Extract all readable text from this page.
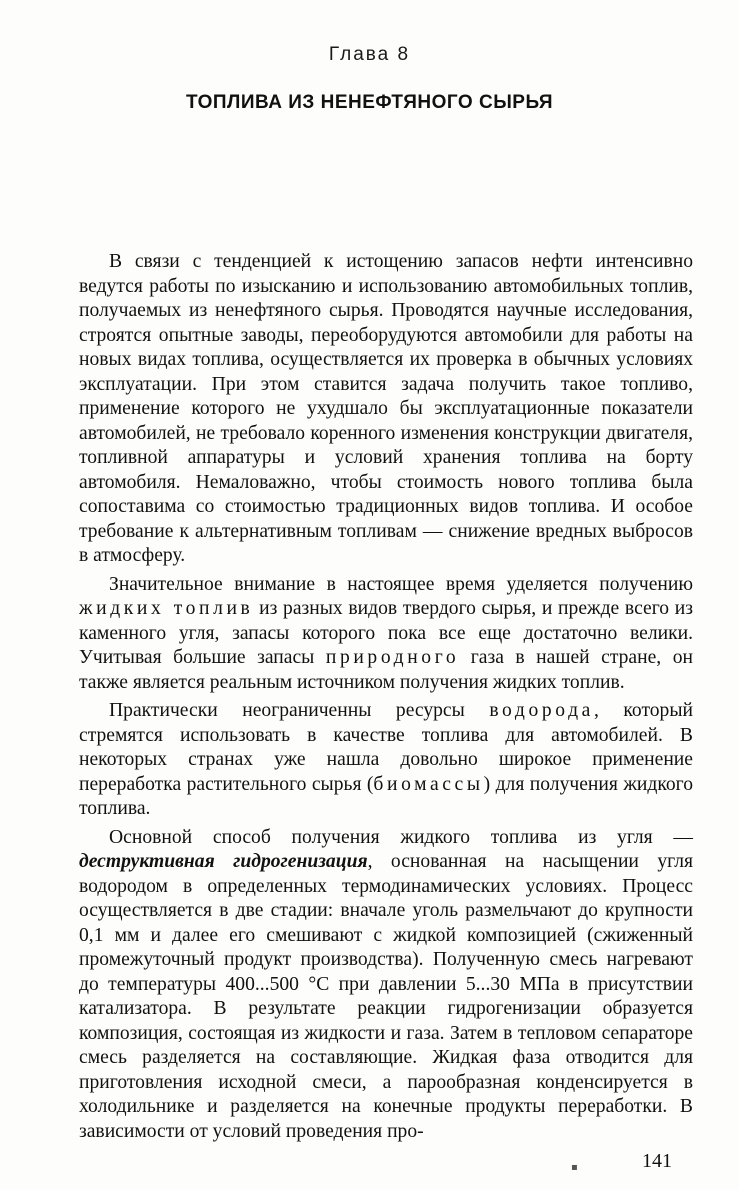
Глава 8
ТОПЛИВА ИЗ НЕНЕФТЯНОГО СЫРЬЯ

В связи с тенденцией к истощению запасов нефти интенсивно ведутся работы по изысканию и использованию автомобильных топлив, получаемых из ненефтяного сырья. Проводятся научные исследования, строятся опытные заводы, переоборудуются автомобили для работы на новых видах топлива, осуществляется их проверка в обычных условиях эксплуатации. При этом ставится задача получить такое топливо, применение которого не ухудшало бы эксплуатационные показатели автомобилей, не требовало коренного изменения конструкции двигателя, топливной аппаратуры и условий хранения топлива на борту автомобиля. Немаловажно, чтобы стоимость нового топлива была сопоставима со стоимостью традиционных видов топлива. И особое требование к альтернативным топливам — снижение вредных выбросов в атмосферу.

Значительное внимание в настоящее время уделяется получению жидких топлив из разных видов твердого сырья, и прежде всего из каменного угля, запасы которого пока все еще достаточно велики. Учитывая большие запасы природного газа в нашей стране, он также является реальным источником получения жидких топлив.

Практически неограниченны ресурсы водорода, который стремятся использовать в качестве топлива для автомобилей. В некоторых странах уже нашла довольно широкое применение переработка растительного сырья (биомассы) для получения жидкого топлива.

Основной способ получения жидкого топлива из угля — деструктивная гидрогенизация, основанная на насыщении угля водородом в определенных термодинамических условиях. Процесс осуществляется в две стадии: вначале уголь размельчают до крупности 0,1 мм и далее его смешивают с жидкой композицией (сжиженный промежуточный продукт производства). Полученную смесь нагревают до температуры 400...500 °С при давлении 5...30 МПа в присутствии катализатора. В результате реакции гидрогенизации образуется композиция, состоящая из жидкости и газа. Затем в тепловом сепараторе смесь разделяется на составляющие. Жидкая фаза отводится для приготовления исходной смеси, а парообразная конденсируется в холодильнике и разделяется на конечные продукты переработки. В зависимости от условий проведения про-

▪	141
